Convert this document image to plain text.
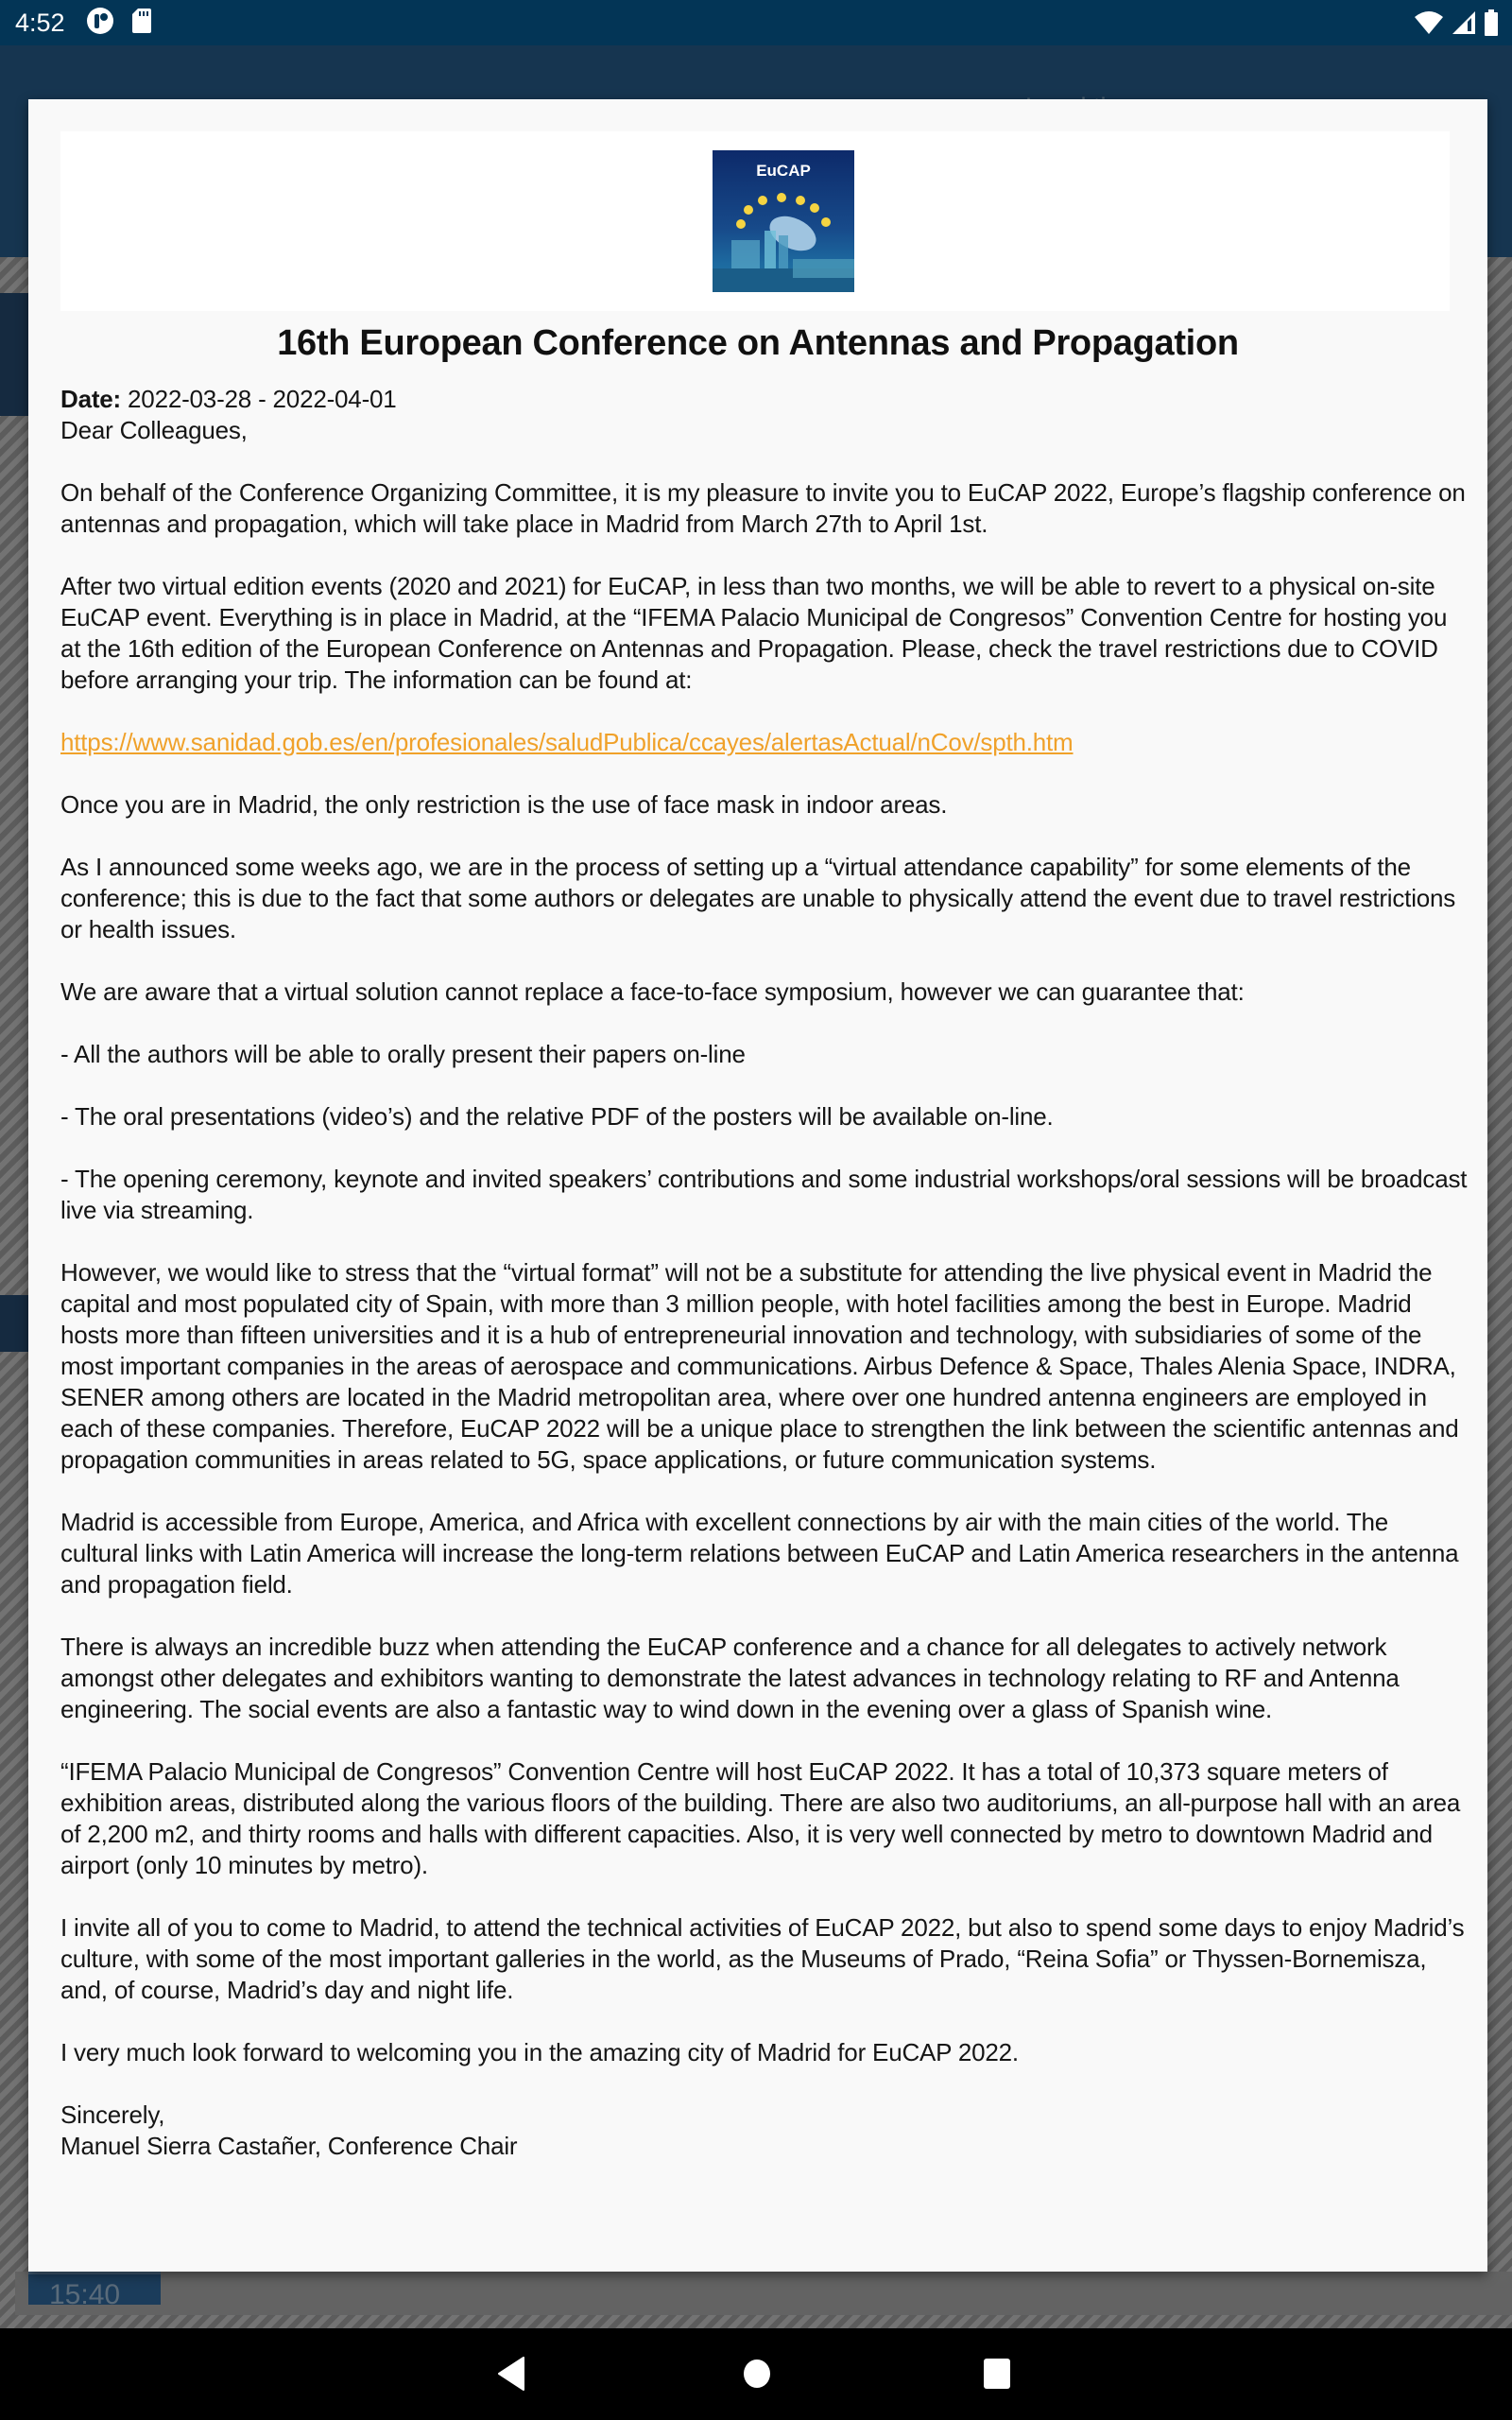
4:52
15:40
EuCAP
16th European Conference on Antennas and Propagation

Date: 2022-03-28 - 2022-04-01

Dear Colleagues,

On behalf of the Conference Organizing Committee, it is my pleasure to invite you to EuCAP 2022, Europe’s flagship conference on antennas and propagation, which will take place in Madrid from March 27th to April 1st.

After two virtual edition events (2020 and 2021) for EuCAP, in less than two months, we will be able to revert to a physical on-site EuCAP event. Everything is in place in Madrid, at the “IFEMA Palacio Municipal de Congresos” Convention Centre for hosting you at the 16th edition of the European Conference on Antennas and Propagation. Please, check the travel restrictions due to COVID before arranging your trip. The information can be found at:

https://www.sanidad.gob.es/en/profesionales/saludPublica/ccayes/alertasActual/nCov/spth.htm

Once you are in Madrid, the only restriction is the use of face mask in indoor areas.

As I announced some weeks ago, we are in the process of setting up a “virtual attendance capability” for some elements of the conference; this is due to the fact that some authors or delegates are unable to physically attend the event due to travel restrictions or health issues.

We are aware that a virtual solution cannot replace a face-to-face symposium, however we can guarantee that:

- All the authors will be able to orally present their papers on-line

- The oral presentations (video’s) and the relative PDF of the posters will be available on-line.

- The opening ceremony, keynote and invited speakers’ contributions and some industrial workshops/oral sessions will be broadcast live via streaming.

However, we would like to stress that the “virtual format” will not be a substitute for attending the live physical event in Madrid the capital and most populated city of Spain, with more than 3 million people, with hotel facilities among the best in Europe. Madrid hosts more than fifteen universities and it is a hub of entrepreneurial innovation and technology, with subsidiaries of some of the most important companies in the areas of aerospace and communications. Airbus Defence & Space, Thales Alenia Space, INDRA, SENER among others are located in the Madrid metropolitan area, where over one hundred antenna engineers are employed in each of these companies. Therefore, EuCAP 2022 will be a unique place to strengthen the link between the scientific antennas and propagation communities in areas related to 5G, space applications, or future communication systems.

Madrid is accessible from Europe, America, and Africa with excellent connections by air with the main cities of the world. The cultural links with Latin America will increase the long-term relations between EuCAP and Latin America researchers in the antenna and propagation field.

There is always an incredible buzz when attending the EuCAP conference and a chance for all delegates to actively network amongst other delegates and exhibitors wanting to demonstrate the latest advances in technology relating to RF and Antenna engineering. The social events are also a fantastic way to wind down in the evening over a glass of Spanish wine.

“IFEMA Palacio Municipal de Congresos” Convention Centre will host EuCAP 2022. It has a total of 10,373 square meters of exhibition areas, distributed along the various floors of the building. There are also two auditoriums, an all-purpose hall with an area of 2,200 m2, and thirty rooms and halls with different capacities. Also, it is very well connected by metro to downtown Madrid and airport (only 10 minutes by metro).

I invite all of you to come to Madrid, to attend the technical activities of EuCAP 2022, but also to spend some days to enjoy Madrid’s culture, with some of the most important galleries in the world, as the Museums of Prado, “Reina Sofia” or Thyssen-Bornemisza, and, of course, Madrid’s day and night life.

I very much look forward to welcoming you in the amazing city of Madrid for EuCAP 2022.

Sincerely,

Manuel Sierra Castañer, Conference Chair
